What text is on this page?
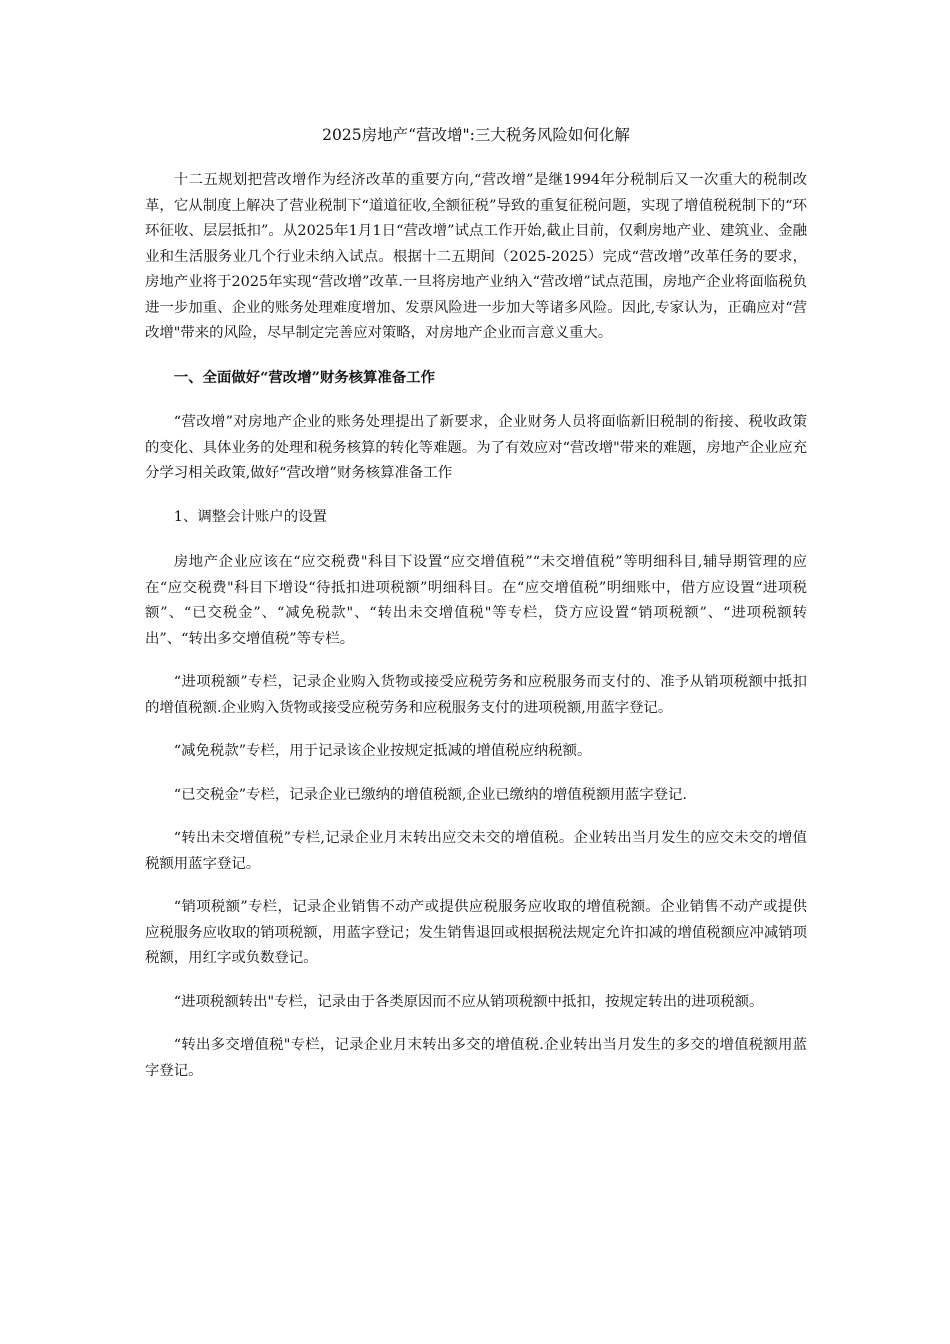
2025房地产“营改增":三大税务风险如何化解

十二五规划把营改增作为经济改革的重要方向,“营改增”是继1994年分税制后又一次重大的税制改革，它从制度上解决了营业税制下“道道征收,全额征税”导致的重复征税问题，实现了增值税税制下的“环环征收、层层抵扣”。从2025年1月1日“营改增”试点工作开始,截止目前，仅剩房地产业、建筑业、金融业和生活服务业几个行业未纳入试点。根据十二五期间（2025-2025）完成“营改增”改革任务的要求，房地产业将于2025年实现“营改增”改革.一旦将房地产业纳入“营改增”试点范围，房地产企业将面临税负进一步加重、企业的账务处理难度增加、发票风险进一步加大等诸多风险。因此,专家认为，正确应对“营改增"带来的风险，尽早制定完善应对策略，对房地产企业而言意义重大。

一、全面做好“营改增”财务核算准备工作

“营改增”对房地产企业的账务处理提出了新要求，企业财务人员将面临新旧税制的衔接、税收政策的变化、具体业务的处理和税务核算的转化等难题。为了有效应对“营改增"带来的难题，房地产企业应充分学习相关政策,做好“营改增”财务核算准备工作

1、调整会计账户的设置

房地产企业应该在“应交税费"科目下设置“应交增值税”“未交增值税”等明细科目,辅导期管理的应在“应交税费"科目下增设“待抵扣进项税额”明细科目。在“应交增值税”明细账中，借方应设置“进项税额”、“已交税金”、“减免税款"、“转出未交增值税"等专栏，贷方应设置“销项税额”、“进项税额转出”、“转出多交增值税”等专栏。

“进项税额”专栏，记录企业购入货物或接受应税劳务和应税服务而支付的、准予从销项税额中抵扣的增值税额.企业购入货物或接受应税劳务和应税服务支付的进项税额,用蓝字登记。

“减免税款”专栏，用于记录该企业按规定抵减的增值税应纳税额。

“已交税金”专栏，记录企业已缴纳的增值税额,企业已缴纳的增值税额用蓝字登记.

“转出未交增值税”专栏,记录企业月末转出应交未交的增值税。企业转出当月发生的应交未交的增值税额用蓝字登记。

“销项税额”专栏，记录企业销售不动产或提供应税服务应收取的增值税额。企业销售不动产或提供应税服务应收取的销项税额，用蓝字登记；发生销售退回或根据税法规定允许扣减的增值税额应冲减销项税额，用红字或负数登记。

“进项税额转出"专栏，记录由于各类原因而不应从销项税额中抵扣，按规定转出的进项税额。

“转出多交增值税"专栏，记录企业月末转出多交的增值税.企业转出当月发生的多交的增值税额用蓝字登记。
